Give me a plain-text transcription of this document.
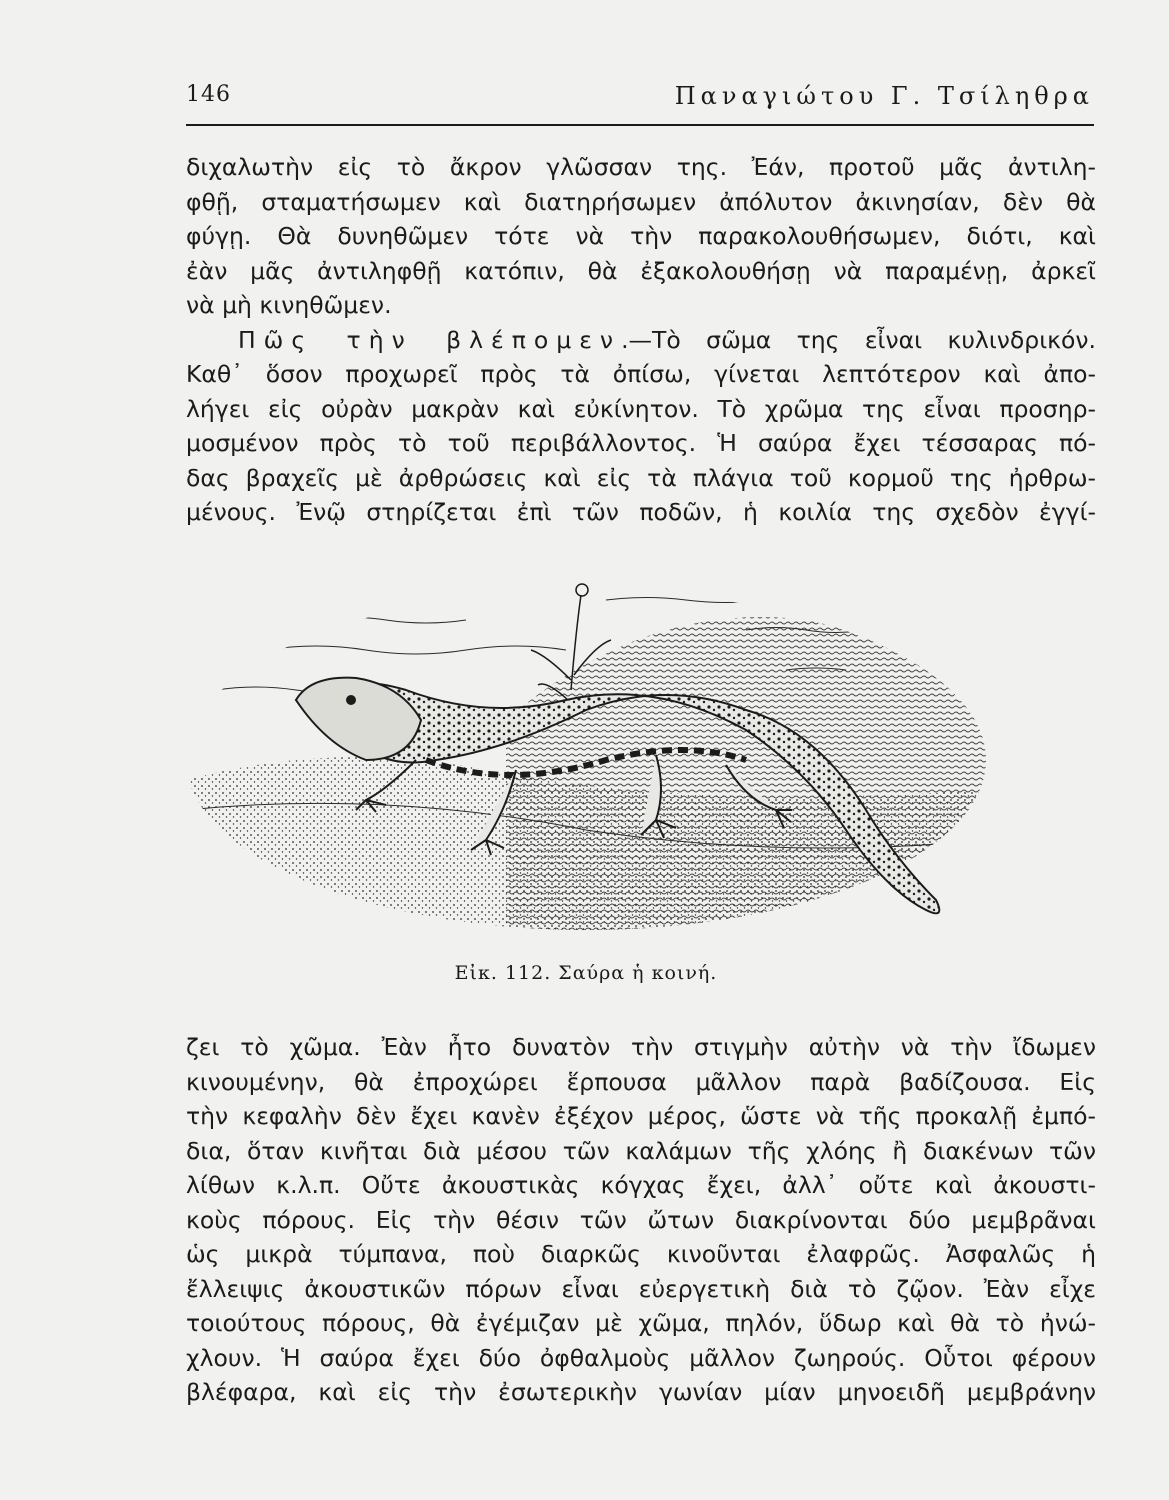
146	Παναγιώτου Γ. Τσίληθρα
διχαλωτὴν εἰς τὸ ἄκρον γλῶσσαν της. Ἐάν, προτοῦ μᾶς ἀντιλη-
φθῇ, σταματήσωμεν καὶ διατηρήσωμεν ἀπόλυτον ἀκινησίαν, δὲν θὰ
φύγῃ. Θὰ δυνηθῶμεν τότε νὰ τὴν παρακολουθήσωμεν, διότι, καὶ
ἐὰν μᾶς ἀντιληφθῇ κατόπιν, θὰ ἐξακολουθήσῃ νὰ παραμένῃ, ἀρκεῖ
νὰ μὴ κινηθῶμεν.
Πῶς τὴν βλέπομεν.—Τὸ σῶμα της εἶναι κυλινδρικόν.
Καθ᾽ ὅσον προχωρεῖ πρὸς τὰ ὀπίσω, γίνεται λεπτότερον καὶ ἀπο-
λήγει εἰς οὐρὰν μακρὰν καὶ εὐκίνητον. Τὸ χρῶμα της εἶναι προσηρ-
μοσμένον πρὸς τὸ τοῦ περιβάλλοντος. Ἡ σαύρα ἔχει τέσσαρας πό-
δας βραχεῖς μὲ ἀρθρώσεις καὶ εἰς τὰ πλάγια τοῦ κορμοῦ της ἠρθρω-
μένους. Ἐνῷ στηρίζεται ἐπὶ τῶν ποδῶν, ἡ κοιλία της σχεδὸν ἐγγί-
Εἰκ. 112. Σαύρα ἡ κοινή.
ζει τὸ χῶμα. Ἐὰν ἦτο δυνατὸν τὴν στιγμὴν αὐτὴν νὰ τὴν ἴδωμεν
κινουμένην, θὰ ἐπροχώρει ἕρπουσα μᾶλλον παρὰ βαδίζουσα. Εἰς
τὴν κεφαλὴν δὲν ἔχει κανὲν ἐξέχον μέρος, ὥστε νὰ τῆς προκαλῇ ἐμπό-
δια, ὅταν κινῆται διὰ μέσου τῶν καλάμων τῆς χλόης ἢ διακένων τῶν
λίθων κ.λ.π. Οὔτε ἀκουστικὰς κόγχας ἔχει, ἀλλ᾽ οὔτε καὶ ἀκουστι-
κοὺς πόρους. Εἰς τὴν θέσιν τῶν ὤτων διακρίνονται δύο μεμβρᾶναι
ὡς μικρὰ τύμπανα, ποὺ διαρκῶς κινοῦνται ἐλαφρῶς. Ἀσφαλῶς ἡ
ἔλλειψις ἀκουστικῶν πόρων εἶναι εὐεργετικὴ διὰ τὸ ζῷον. Ἐὰν εἶχε
τοιούτους πόρους, θὰ ἐγέμιζαν μὲ χῶμα, πηλόν, ὕδωρ καὶ θὰ τὸ ἠνώ-
χλουν. Ἡ σαύρα ἔχει δύο ὀφθαλμοὺς μᾶλλον ζωηρούς. Οὗτοι φέρουν
βλέφαρα, καὶ εἰς τὴν ἐσωτερικὴν γωνίαν μίαν μηνοειδῆ μεμβράνην
